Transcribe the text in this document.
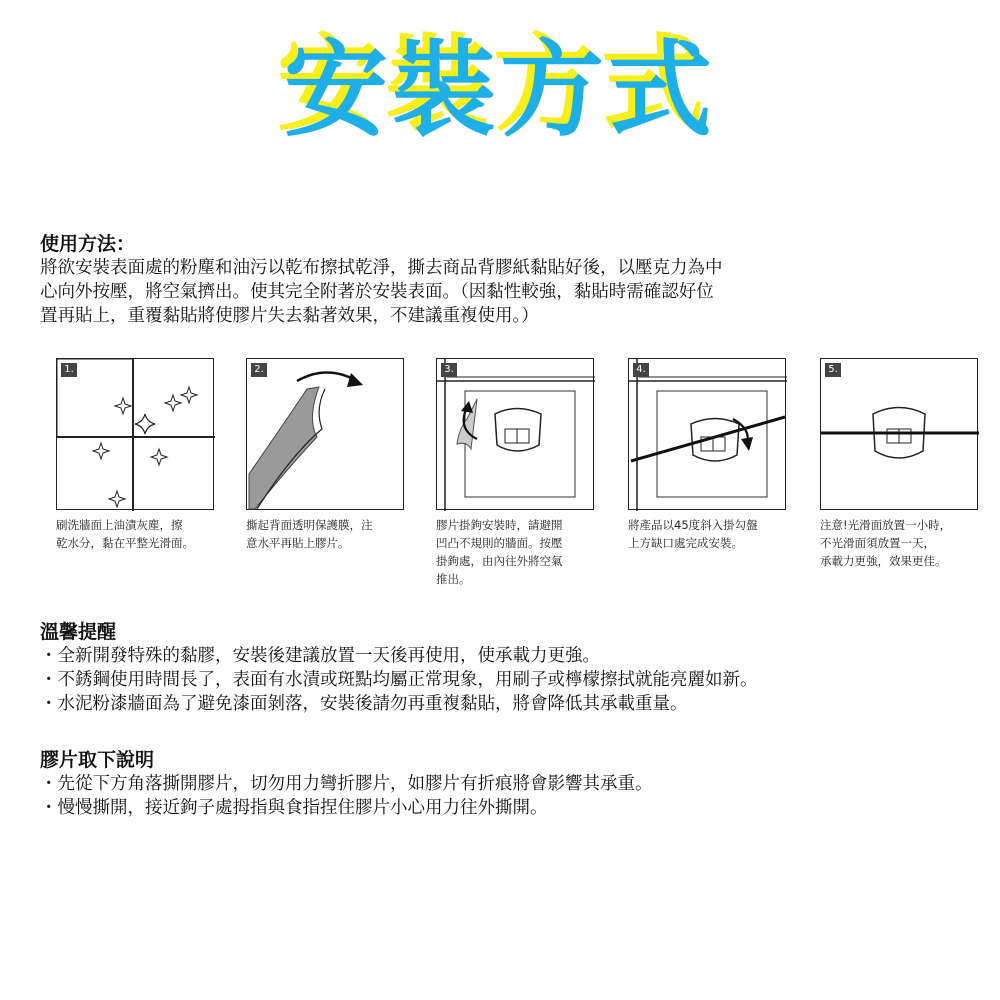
安裝方式

使用方法：

將欲安裝表面處的粉塵和油污以乾布擦拭乾淨，撕去商品背膠紙黏貼好後，以壓克力為中

心向外按壓，將空氣擠出。使其完全附著於安裝表面。（因黏性較強，黏貼時需確認好位

置再貼上，重覆黏貼將使膠片失去黏著效果，不建議重複使用。）

1.
刷洗牆面上油漬灰塵，擦
乾水分，黏在平整光滑面。
2.
撕起背面透明保護膜，注
意水平再貼上膠片。
3.
膠片掛鉤安裝時，請避開
凹凸不規則的牆面。按壓
掛鉤處，由內往外將空氣
推出。
4.
將產品以45度斜入掛勾盤
上方缺口處完成安裝。
5.
注意!光滑面放置一小時，
不光滑面須放置一天，
承載力更強，效果更佳。

溫馨提醒

・全新開發特殊的黏膠，安裝後建議放置一天後再使用，使承載力更強。

・不銹鋼使用時間長了，表面有水漬或斑點均屬正常現象，用刷子或檸檬擦拭就能亮麗如新。

・水泥粉漆牆面為了避免漆面剝落，安裝後請勿再重複黏貼，將會降低其承載重量。

膠片取下說明

・先從下方角落撕開膠片，切勿用力彎折膠片，如膠片有折痕將會影響其承重。

・慢慢撕開，接近鉤子處拇指與食指捏住膠片小心用力往外撕開。
